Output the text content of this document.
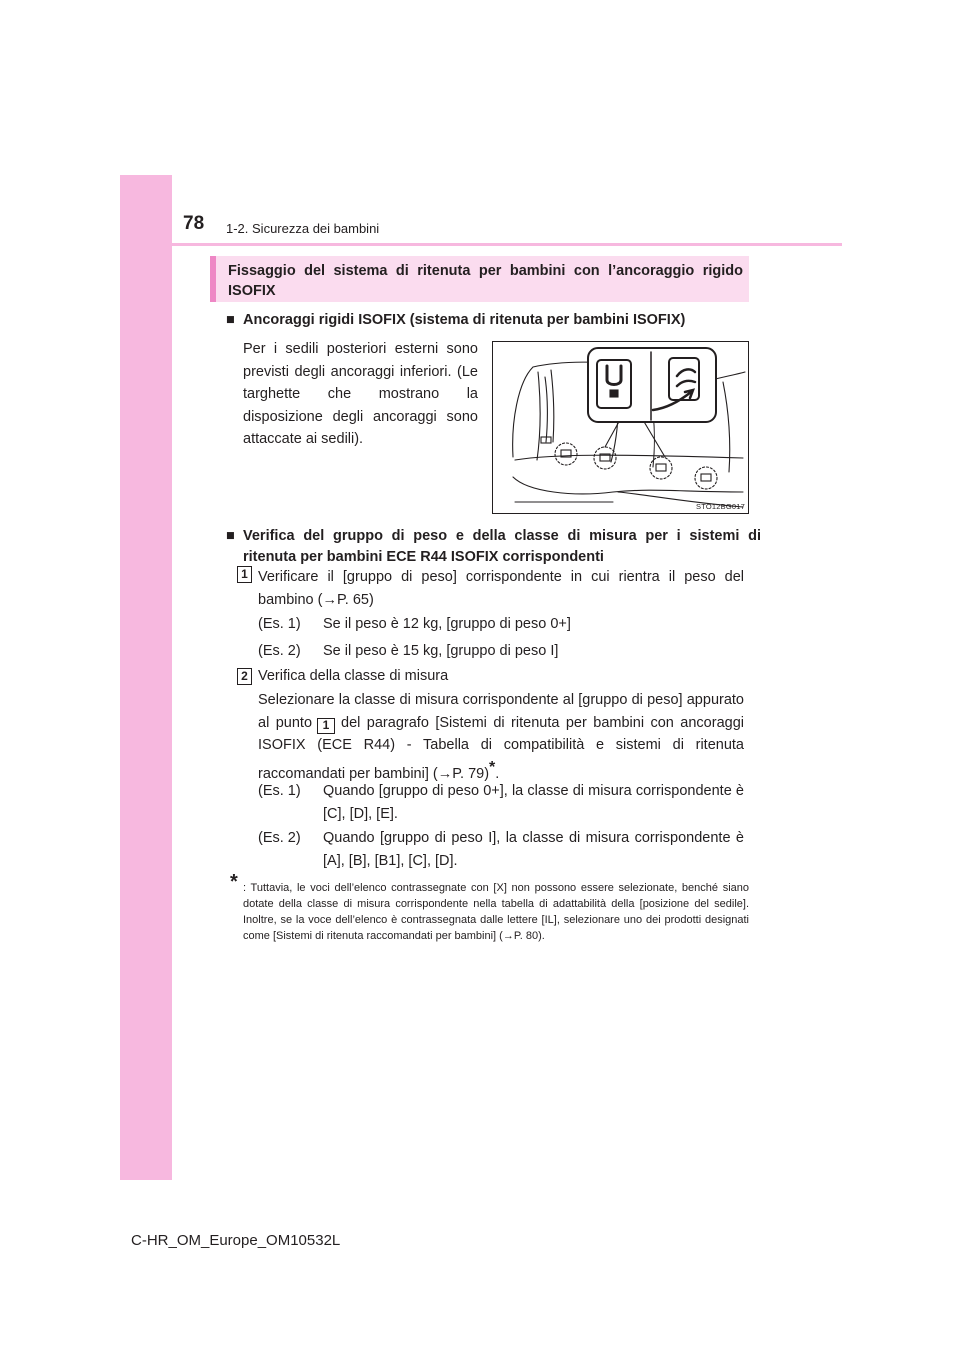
78 1-2. Sicurezza dei bambini
Fissaggio del sistema di ritenuta per bambini con l’ancoraggio rigido ISOFIX
■ Ancoraggi rigidi ISOFIX (sistema di ritenuta per bambini ISOFIX)
Per i sedili posteriori esterni sono previsti degli ancoraggi inferiori. (Le targhette che mostrano la disposizione degli ancoraggi sono attaccate ai sedili).
STO12BG017
■ Verifica del gruppo di peso e della classe di misura per i sistemi di
ritenuta per bambini ECE R44 ISOFIX corrispondenti
1 Verificare il [gruppo di peso] corrispondente in cui rientra il peso del bambino (→P. 65)
(Es. 1) Se il peso è 12 kg, [gruppo di peso 0+]
(Es. 2) Se il peso è 15 kg, [gruppo di peso I]
2 Verifica della classe di misura
Selezionare la classe di misura corrispondente al [gruppo di peso] appurato al punto 1 del paragrafo [Sistemi di ritenuta per bambini con ancoraggi ISOFIX (ECE R44) - Tabella di compatibilità e sistemi di ritenuta raccomandati per bambini] (→P. 79)*.
(Es. 1) Quando [gruppo di peso 0+], la classe di misura corrispondente è [C], [D], [E].
(Es. 2) Quando [gruppo di peso I], la classe di misura corrispondente è [A], [B], [B1], [C], [D].
* : Tuttavia, le voci dell’elenco contrassegnate con [X] non possono essere selezionate, benché siano dotate della classe di misura corrispondente nella tabella di adattabilità della [posizione del sedile]. Inoltre, se la voce dell’elenco è contrassegnata dalle lettere [IL], selezionare uno dei prodotti designati come [Sistemi di ritenuta raccomandati per bambini] (→P. 80).
C-HR_OM_Europe_OM10532L
